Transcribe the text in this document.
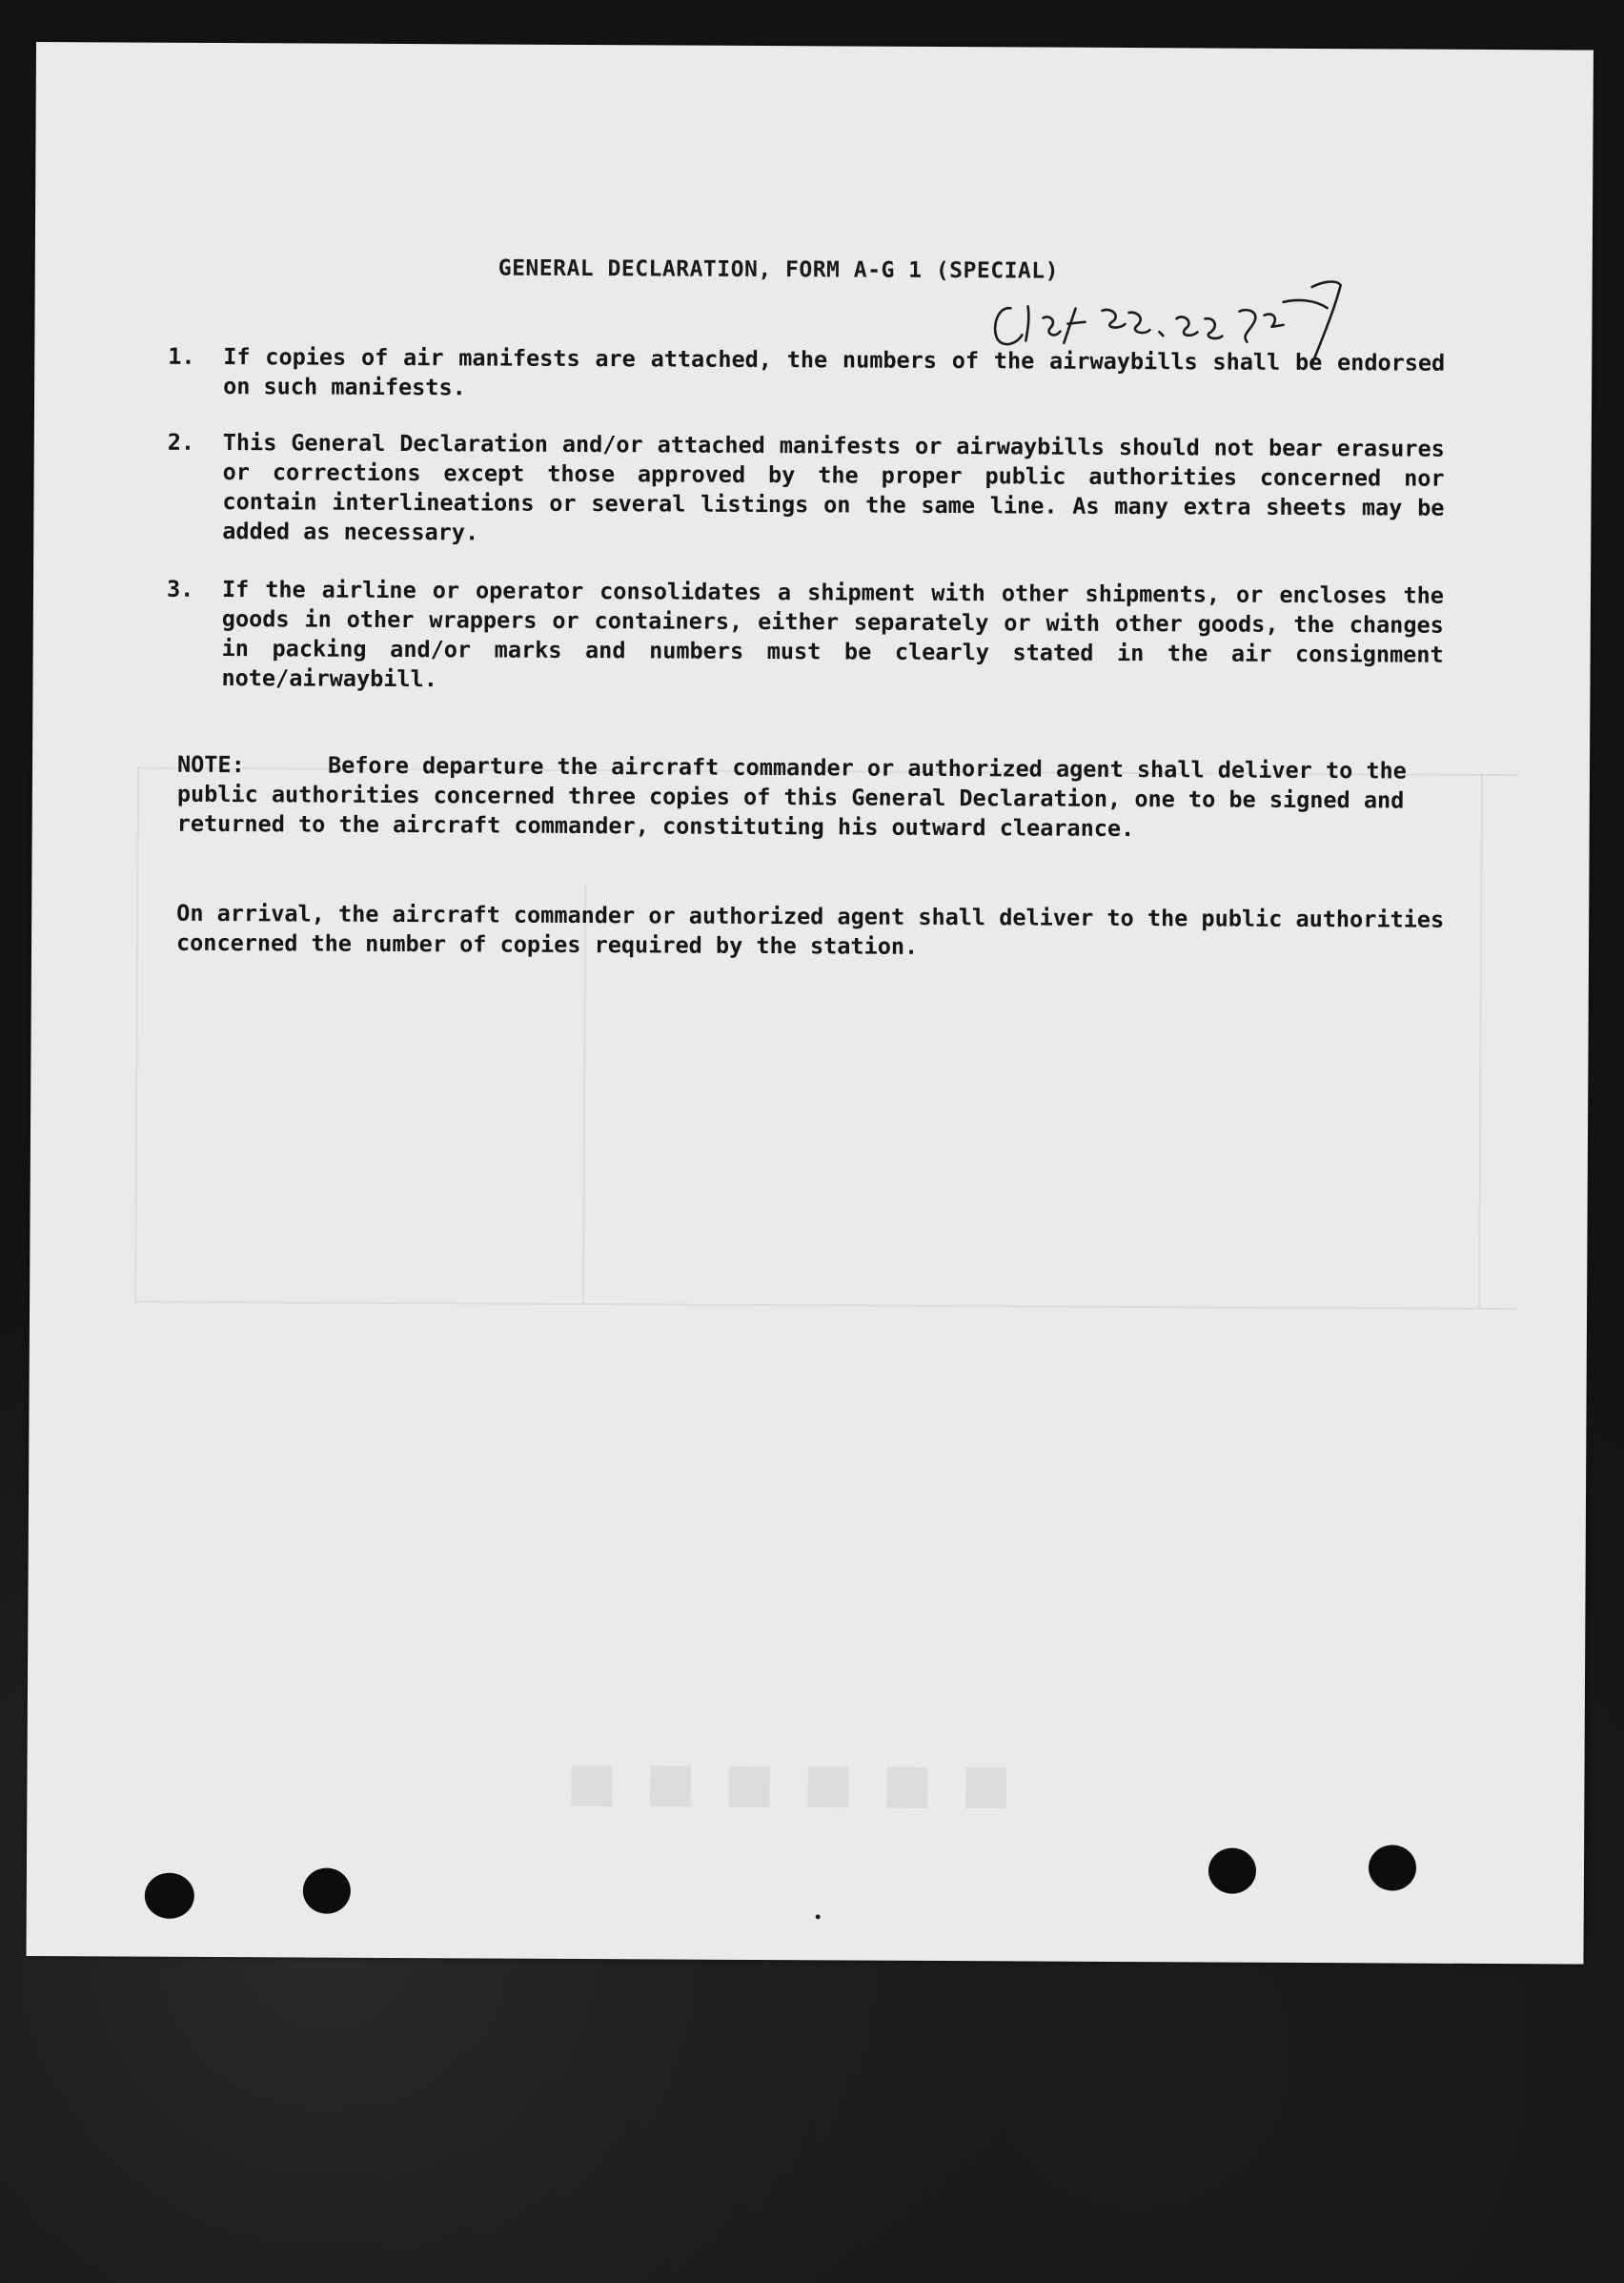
■ ■ ■ ■ ■ ■
GENERAL DECLARATION, FORM A-G 1 (SPECIAL)
1.	If copies of air manifests are attached, the numbers of the airwaybills shall be endorsed on such manifests.
2.	This General Declaration and/or attached manifests or airwaybills should not bear erasures or corrections except those approved by the proper public authorities concerned nor contain interlineations or several listings on the same line. As many extra sheets may be added as necessary.
3.	If the airline or operator consolidates a shipment with other shipments, or encloses the goods in other wrappers or containers, either separately or with other goods, the changes in packing and/or marks and numbers must be clearly stated in the air consignment note/airwaybill.
NOTE:	Before departure the aircraft commander or authorized agent shall deliver to the public authorities concerned three copies of this General Declaration, one to be signed and returned to the aircraft commander, constituting his outward clearance.
On arrival, the aircraft commander or authorized agent shall deliver to the public authorities concerned the number of copies required by the station.
